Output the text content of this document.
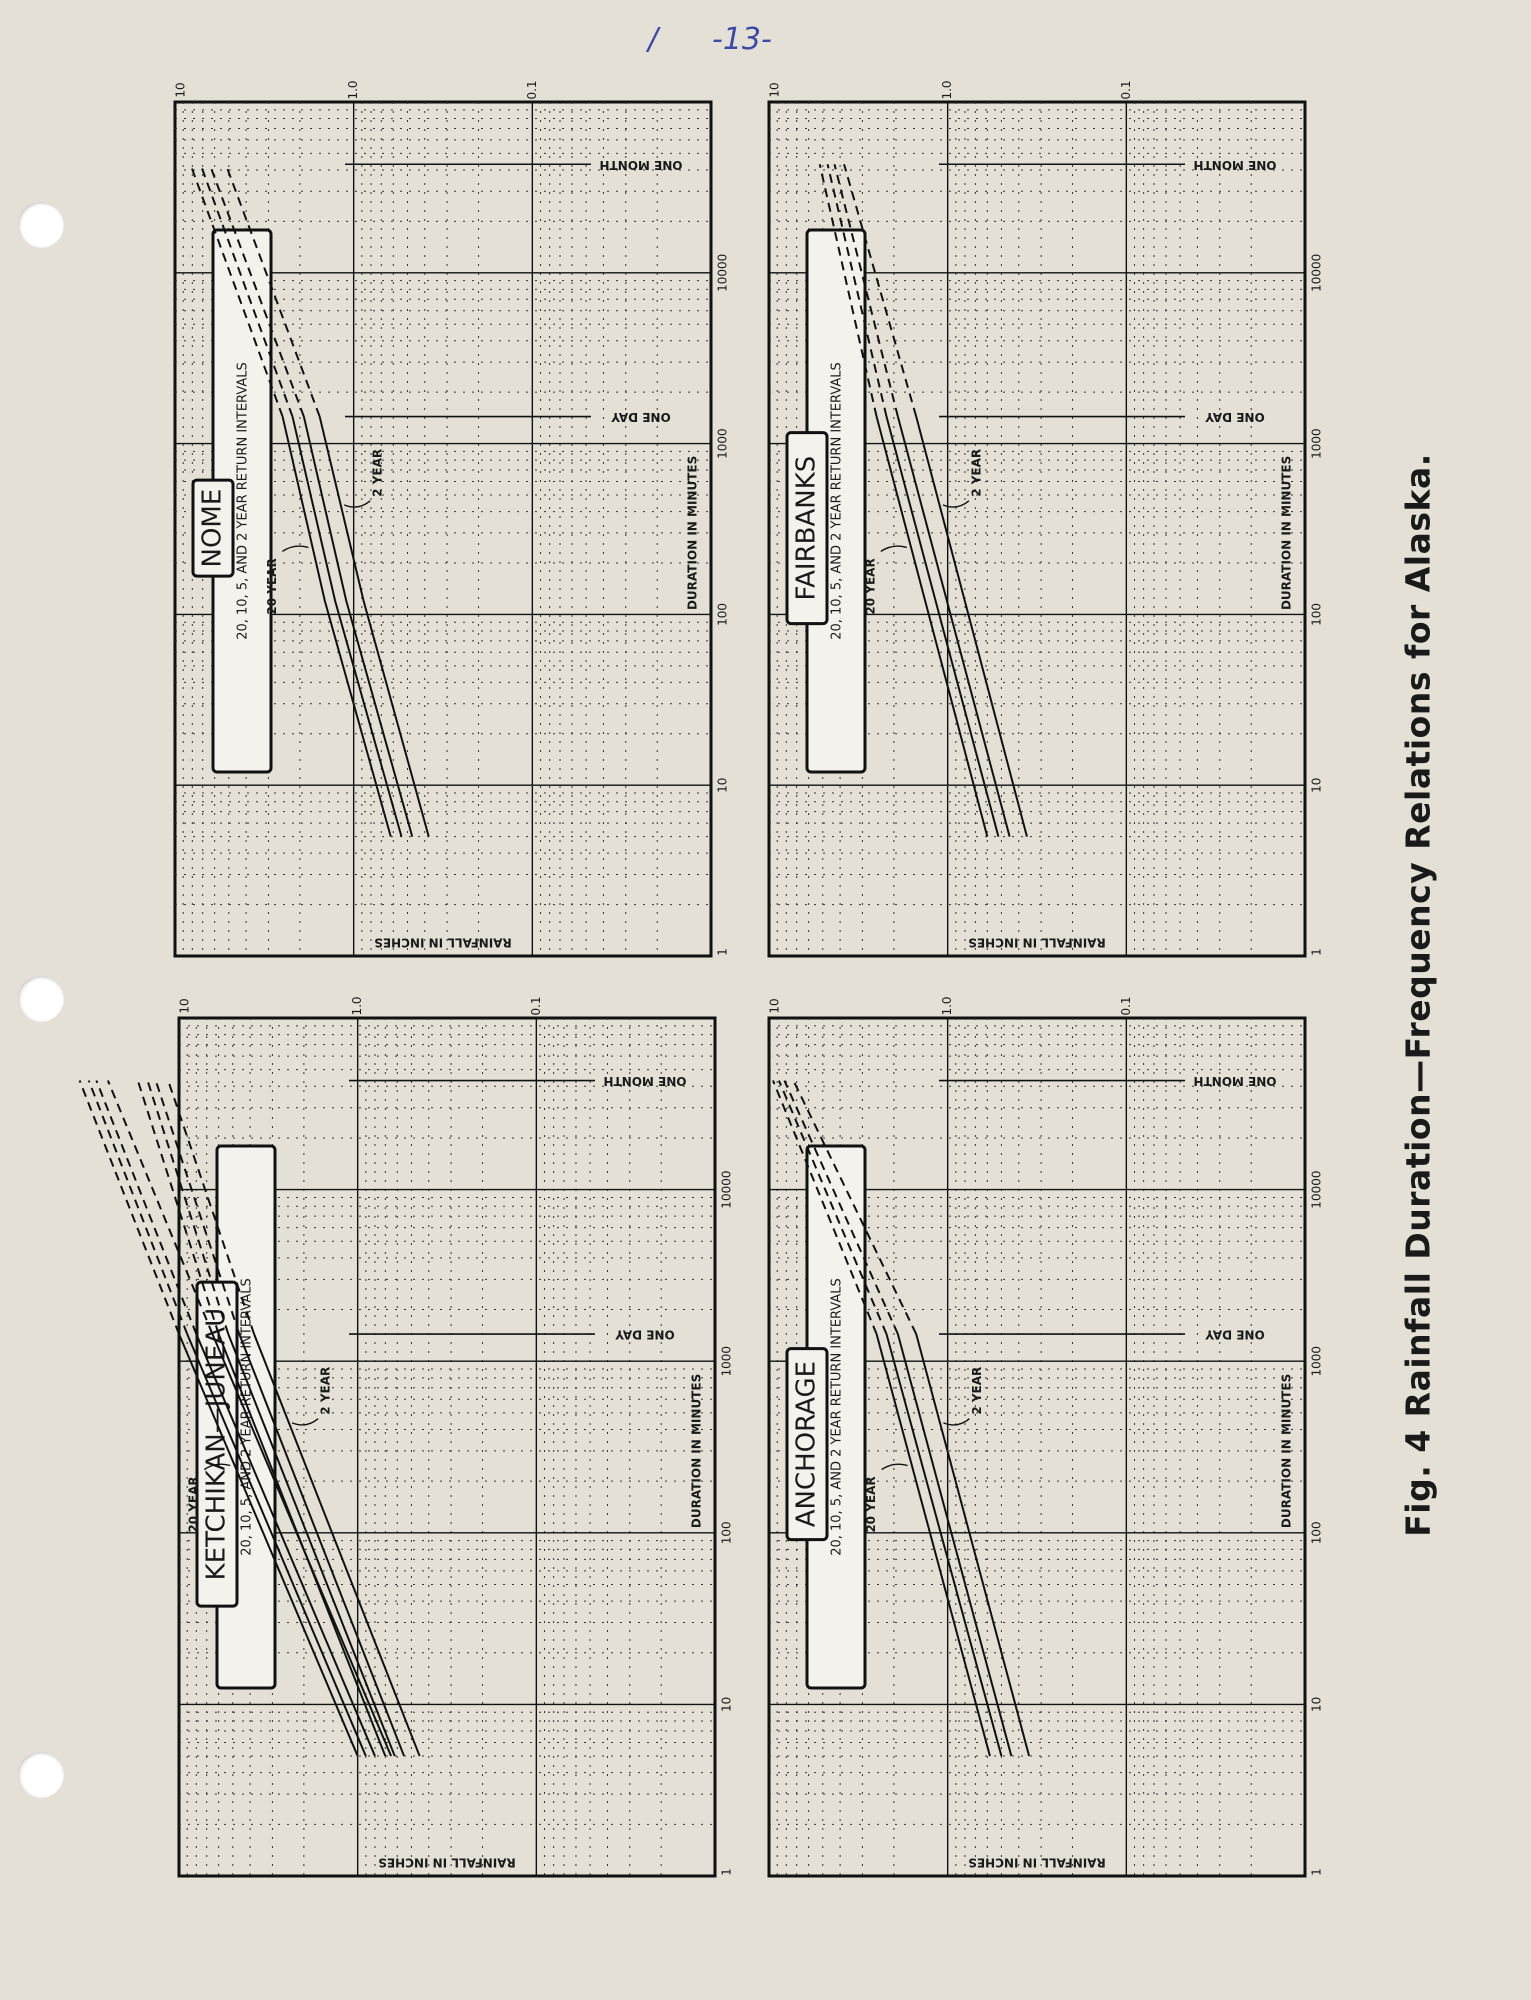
/ -13-
1
10
100
1000
10000
0.1
1.0
10
DURATION IN MINUTES
RAINFALL IN INCHES
ONE DAY
ONE MONTH
NOME 20, 10, 5, AND 2 YEAR RETURN INTERVALS 20 YEAR
2 YEAR
1
10
100
1000
10000
0.1
1.0
10
DURATION IN MINUTES
RAINFALL IN INCHES
ONE DAY
ONE MONTH
FAIRBANKS 20, 10, 5, AND 2 YEAR RETURN INTERVALS 20 YEAR
2 YEAR
1
10
100
1000
10000
0.1
1.0
10
DURATION IN MINUTES
RAINFALL IN INCHES
ONE DAY
ONE MONTH
KETCHIKAN—JUNEAU 20, 10, 5, AND 2 YEAR RETURN INTERVALS
20 YEAR
2 YEAR
1
10
100
1000
10000
0.1
1.0
10
DURATION IN MINUTES
RAINFALL IN INCHES
ONE DAY
ONE MONTH
ANCHORAGE 20, 10, 5, AND 2 YEAR RETURN INTERVALS 20 YEAR
2 YEAR	Fig. 4 Rainfall Duration—Frequency Relations for Alaska.
